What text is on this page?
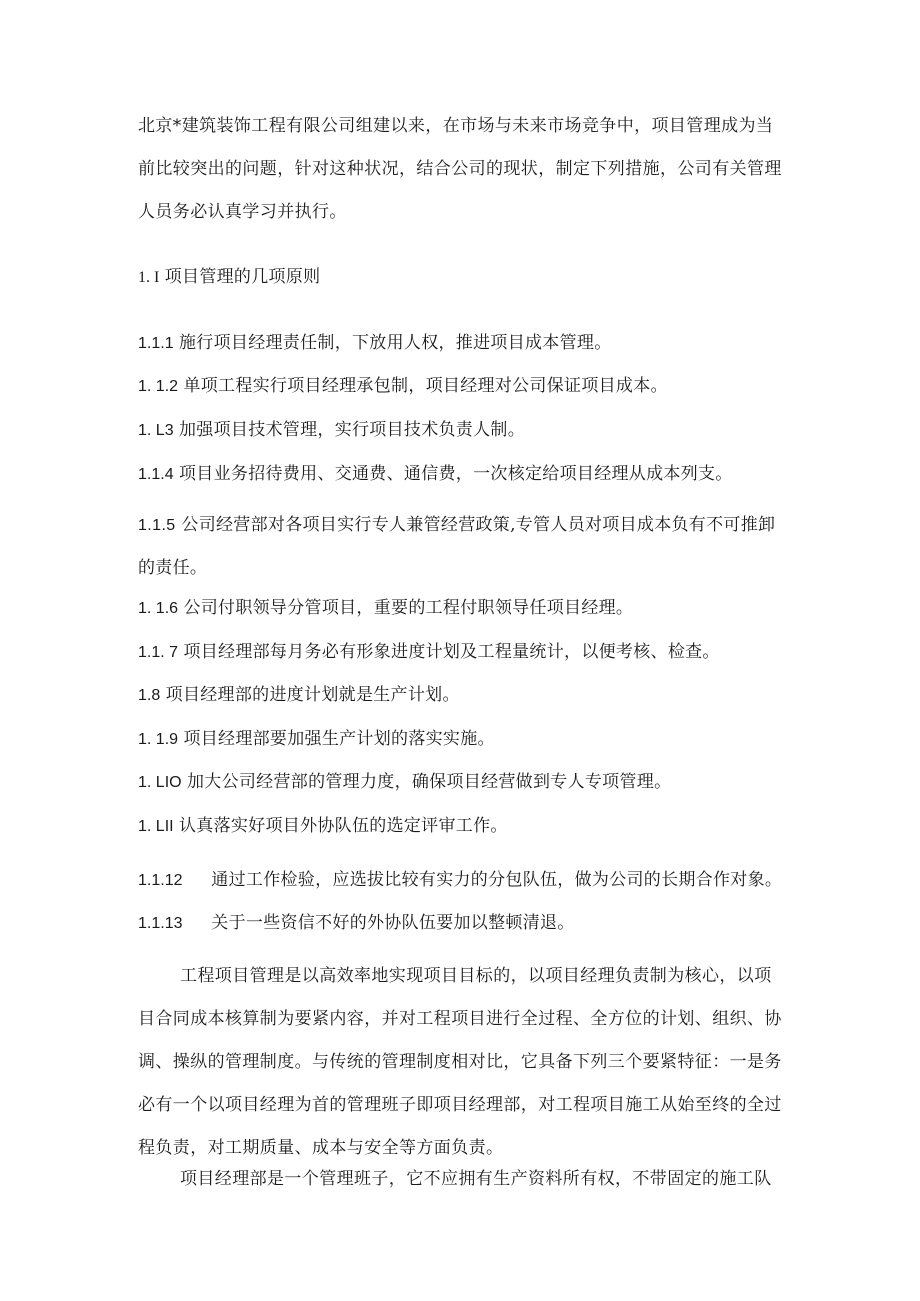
北京*建筑装饰工程有限公司组建以来，在市场与未来市场竞争中，项目管理成为当前比较突出的问题，针对这种状况，结合公司的现状，制定下列措施，公司有关管理人员务必认真学习并执行。

1. I 项目管理的几项原则

1.1.1 施行项目经理责任制，下放用人权，推进项目成本管理。

1. 1.2 单项工程实行项目经理承包制，项目经理对公司保证项目成本。

1. L3 加强项目技术管理，实行项目技术负责人制。

1.1.4 项目业务招待费用、交通费、通信费，一次核定给项目经理从成本列支。

1.1.5 公司经营部对各项目实行专人兼管经营政策,专管人员对项目成本负有不可推卸的责任。

1. 1.6 公司付职领导分管项目，重要的工程付职领导任项目经理。

1.1. 7 项目经理部每月务必有形象进度计划及工程量统计，以便考核、检查。

1.8 项目经理部的进度计划就是生产计划。

1. 1.9 项目经理部要加强生产计划的落实实施。

1. LIO 加大公司经营部的管理力度，确保项目经营做到专人专项管理。

1. LII 认真落实好项目外协队伍的选定评审工作。

1.1.12 通过工作检验，应选拔比较有实力的分包队伍，做为公司的长期合作对象。

1.1.13 关于一些资信不好的外协队伍要加以整顿清退。

工程项目管理是以高效率地实现项目目标的，以项目经理负责制为核心，以项目合同成本核算制为要紧内容，并对工程项目进行全过程、全方位的计划、组织、协调、操纵的管理制度。与传统的管理制度相对比，它具备下列三个要紧特征：一是务必有一个以项目经理为首的管理班子即项目经理部，对工程项目施工从始至终的全过程负责，对工期质量、成本与安全等方面负责。

项目经理部是一个管理班子，它不应拥有生产资料所有权，不带固定的施工队
